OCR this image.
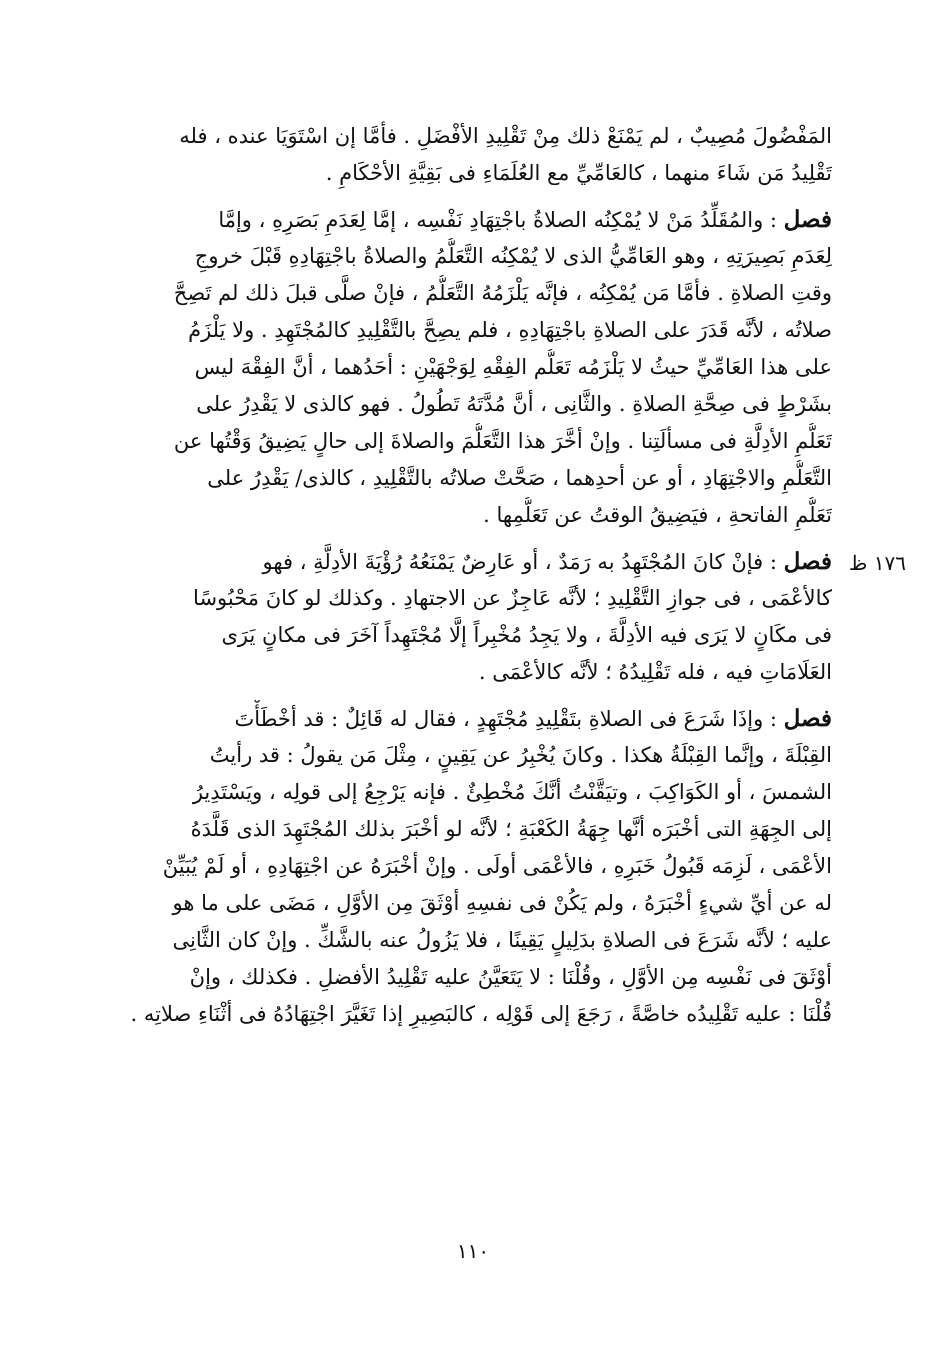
المَفْضُولَ مُصِيبٌ ، لم يَمْنَعْ ذلك مِنْ تَقْلِيدِ الأفْضَلِ . فأمَّا إن اسْتَوَيَا عنده ، فله
تَقْلِيدُ مَن شَاءَ منهما ، كالعَامِّيِّ مع العُلَمَاءِ فى بَقِيَّةِ الأحْكَامِ .
فصل : والمُقَلِّدُ مَنْ لا يُمْكِنُه الصلاةُ باجْتِهَادِ نَفْسِه ، إمَّا لِعَدَمِ بَصَرِهِ ، وإمَّا
لِعَدَمِ بَصِيرَتِهِ ، وهو العَامِّيُّ الذى لا يُمْكِنُه التَّعَلُّمُ والصلاةُ باجْتِهَادِهِ قَبْلَ خروجِ
وقتِ الصلاةِ . فأمَّا مَن يُمْكِنُه ، فإنَّه يَلْزَمُهُ التَّعَلُّمُ ، فإنْ صلَّى قبلَ ذلك لم تَصِحَّ
صلاتُه ، لأنَّه قَدَرَ على الصلاةِ باجْتِهَادِهِ ، فلم يصِحَّ بالتَّقْلِيدِ كالمُجْتَهِدِ . ولا يَلْزَمُ
على هذا العَامِّيِّ حيثُ لا يَلْزَمُه تَعَلُّم الفِقْهِ لِوَجْهَيْنِ : أحَدُهما ، أنَّ الفِقْهَ ليس
بشَرْطٍ فى صِحَّةِ الصلاةِ . والثَّانِى ، أنَّ مُدَّتَهُ تَطُولُ . فهو كالذى لا يَقْدِرُ على
تَعَلُّمِ الأدِلَّةِ فى مسألَتِنا . وإنْ أخَّرَ هذا التَّعَلُّمَ والصلاةَ إلى حالٍ يَضِيقُ وَقْتُها عن
التَّعَلُّمِ والاجْتِهَادِ ، أو عن أحدِهما ، صَحَّتْ صلاتُه بالتَّقْلِيدِ ، كالذى/ يَقْدِرُ على
تَعَلُّمِ الفاتحةِ ، فيَضِيقُ الوقتُ عن تَعَلُّمِها .
فصل : فإنْ كانَ المُجْتَهِدُ به رَمَدٌ ، أو عَارِضٌ يَمْنَعُهُ رُؤْيَةَ الأدِلَّةِ ، فهو
كالأعْمَى ، فى جوازِ التَّقْلِيدِ ؛ لأنَّه عَاجِزٌ عن الاجتهادِ . وكذلك لو كانَ مَحْبُوسًا
فى مكَانٍ لا يَرَى فيه الأدِلَّةَ ، ولا يَجِدُ مُخْبِراً إلَّا مُجْتَهِداً آخَرَ فى مكانٍ يَرَى
العَلَامَاتِ فيه ، فله تَقْلِيدُهُ ؛ لأنَّه كالأعْمَى .
فصل : وإذَا شَرَعَ فى الصلاةِ بتَقْلِيدِ مُجْتَهِدٍ ، فقال له قَائِلٌ : قد أخْطَأْتَ
القِبْلَةَ ، وإنَّما القِبْلَةُ هكذا . وكانَ يُخْبِرُ عن يَقِينٍ ، مِثْلَ مَن يقولُ : قد رأيتُ
الشمسَ ، أو الكَوَاكِبَ ، وتيَقَّنْتُ أنَّكَ مُخْطِئٌ . فإنه يَرْجِعُ إلى قولِه ، ويَسْتَدِيرُ
إلى الجِهَةِ التى أخْبَرَه أنَّها جِهَةُ الكَعْبَةِ ؛ لأنَّه لو أخْبَرَ بذلك المُجْتَهِدَ الذى قَلَّدَهُ
الأعْمَى ، لَزِمَه قَبُولُ خَبَرِهِ ، فالأعْمَى أولَى . وإنْ أخْبَرَهُ عن اجْتِهَادِهِ ، أو لَمْ يُبَيِّنْ
له عن أيِّ شيءٍ أخْبَرَهُ ، ولم يَكُنْ فى نفسِهِ أوْثَقَ مِن الأوَّلِ ، مَضَى على ما هو
عليه ؛ لأنَّه شَرَعَ فى الصلاةِ بدَلِيلٍ يَقِينًا ، فلا يَزُولُ عنه بالشَّكِّ . وإنْ كان الثَّانِى
أوْثَقَ فى نَفْسِه مِن الأوَّلِ ، وقُلْنَا : لا يَتَعَيَّنُ عليه تَقْلِيدُ الأفضلِ . فكذلك ، وإنْ
قُلْنَا : عليه تَقْلِيدُه خاصَّةً ، رَجَعَ إلى قَوْلِه ، كالبَصِيرِ إذا تَغَيَّرَ اجْتِهَادُهُ فى أثْنَاءِ صلاتِه .
١٧٦ ظ
١١٠
